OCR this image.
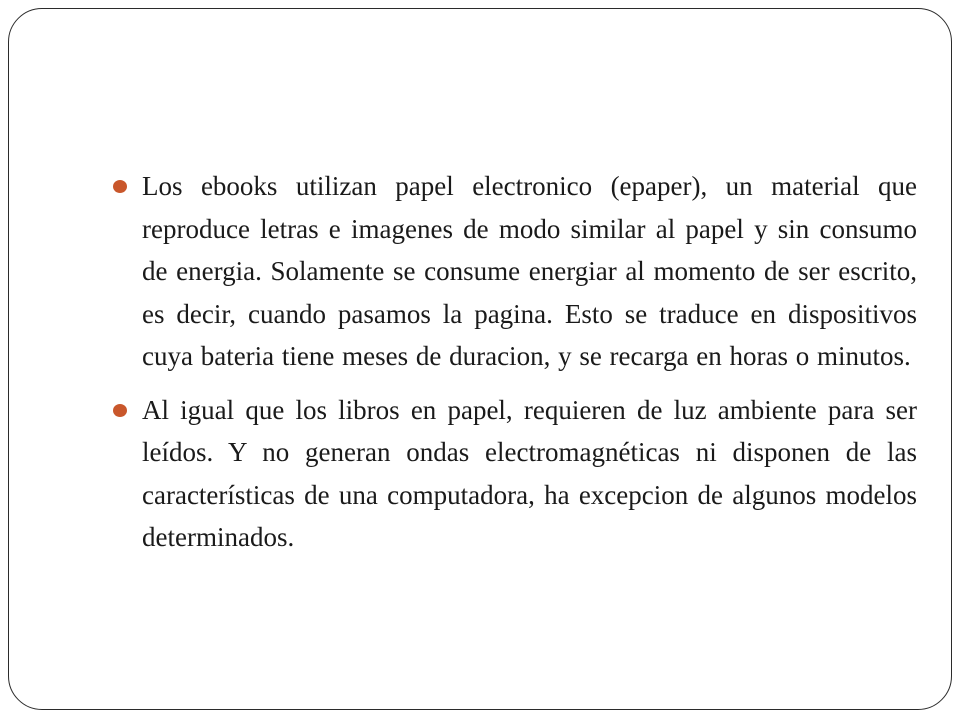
Los ebooks utilizan papel electronico (epaper), un material que reproduce letras e imagenes de modo similar al papel y sin consumo de energia. Solamente se consume energiar al momento de ser escrito, es decir, cuando pasamos la pagina. Esto se traduce en dispositivos cuya bateria tiene meses de duracion, y se recarga en horas o minutos.
Al igual que los libros en papel, requieren de luz ambiente para ser leídos. Y no generan ondas electromagnéticas ni disponen de las características de una computadora, ha excepcion de algunos modelos determinados.
